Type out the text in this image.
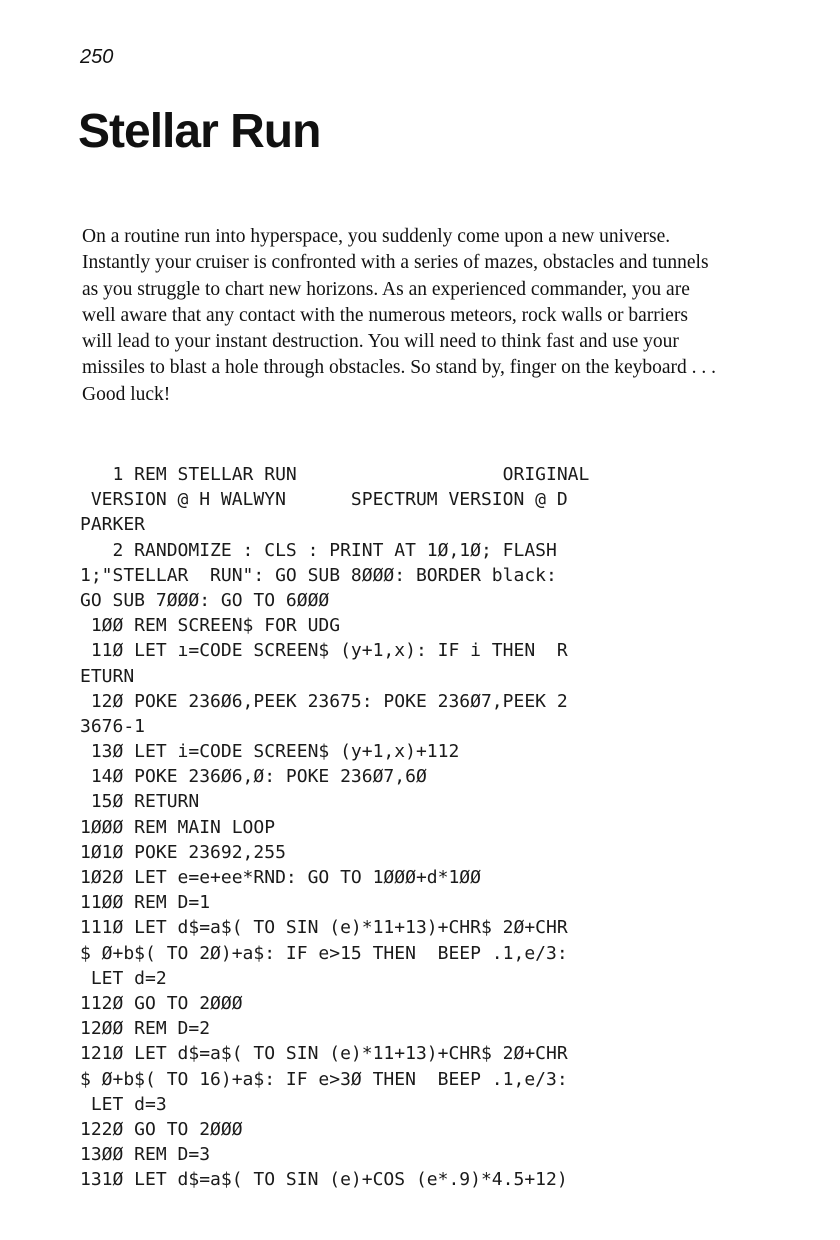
250
Stellar Run

On a routine run into hyperspace, you suddenly come upon a new universe. Instantly your cruiser is confronted with a series of mazes, obstacles and tunnels as you struggle to chart new horizons. As an experienced commander, you are well aware that any contact with the numerous meteors, rock walls or barriers will lead to your instant destruction. You will need to think fast and use your missiles to blast a hole through obstacles. So stand by, finger on the keyboard . . . Good luck!

1 REM STELLAR RUN                   ORIGINAL
VERSION @ H WALWYN      SPECTRUM VERSION @ D
PARKER
2 RANDOMIZE : CLS : PRINT AT 1Ø,1Ø; FLASH
1;"STELLAR  RUN": GO SUB 8ØØØ: BORDER black:
GO SUB 7ØØØ: GO TO 6ØØØ
1ØØ REM SCREEN$ FOR UDG
11Ø LET ı=CODE SCREEN$ (y+1,x): IF i THEN  R
ETURN
12Ø POKE 236Ø6,PEEK 23675: POKE 236Ø7,PEEK 2
3676-1
13Ø LET i=CODE SCREEN$ (y+1,x)+112
14Ø POKE 236Ø6,Ø: POKE 236Ø7,6Ø
15Ø RETURN
1ØØØ REM MAIN LOOP
1Ø1Ø POKE 23692,255
1Ø2Ø LET e=e+ee*RND: GO TO 1ØØØ+d*1ØØ
11ØØ REM D=1
111Ø LET d$=a$( TO SIN (e)*11+13)+CHR$ 2Ø+CHR
$ Ø+b$( TO 2Ø)+a$: IF e>15 THEN  BEEP .1,e/3:
LET d=2
112Ø GO TO 2ØØØ
12ØØ REM D=2
121Ø LET d$=a$( TO SIN (e)*11+13)+CHR$ 2Ø+CHR
$ Ø+b$( TO 16)+a$: IF e>3Ø THEN  BEEP .1,e/3:
LET d=3
122Ø GO TO 2ØØØ
13ØØ REM D=3
131Ø LET d$=a$( TO SIN (e)+COS (e*.9)*4.5+12)
